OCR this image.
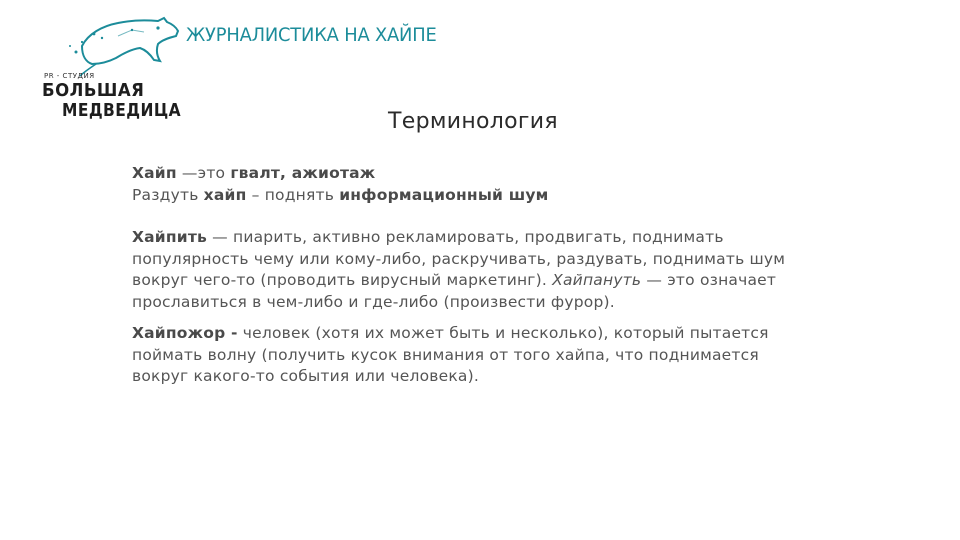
PR - СТУДИЯ
БОЛЬШАЯ
МЕДВЕДИЦА
ЖУРНАЛИСТИКА НА ХАЙПЕ
Терминология

Хайп —это гвалт, ажиотаж
Раздуть хайп – поднять информационный шум

Хайпить — пиарить, активно рекламировать, продвигать, поднимать популярность чему или кому-либо, раскручивать, раздувать, поднимать шум вокруг чего-то (проводить вирусный маркетинг). Хайпануть — это означает прославиться в чем-либо и где-либо (произвести фурор).

Хайпожор - человек (хотя их может быть и несколько), который пытается поймать волну (получить кусок внимания от того хайпа, что поднимается вокруг какого-то события или человека).
